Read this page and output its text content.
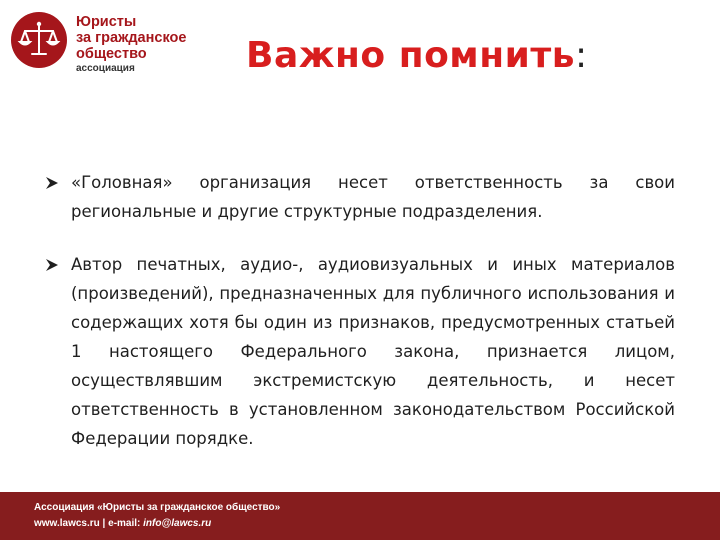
Юристы
за гражданское
общество
ассоциация	Важно помнить:
«Головная» организация несет ответственность за свои региональные и другие структурные подразделения.
Автор печатных, аудио-, аудиовизуальных и иных материалов (произведений), предназначенных для публичного использования и содержащих хотя бы один из признаков, предусмотренных статьей 1 настоящего Федерального закона, признается лицом, осуществлявшим экстремистскую деятельность, и несет ответственность в установленном законодательством Российской Федерации порядке.
Ассоциация «Юристы за гражданское общество»
www.lawcs.ru | e-mail: info@lawcs.ru
